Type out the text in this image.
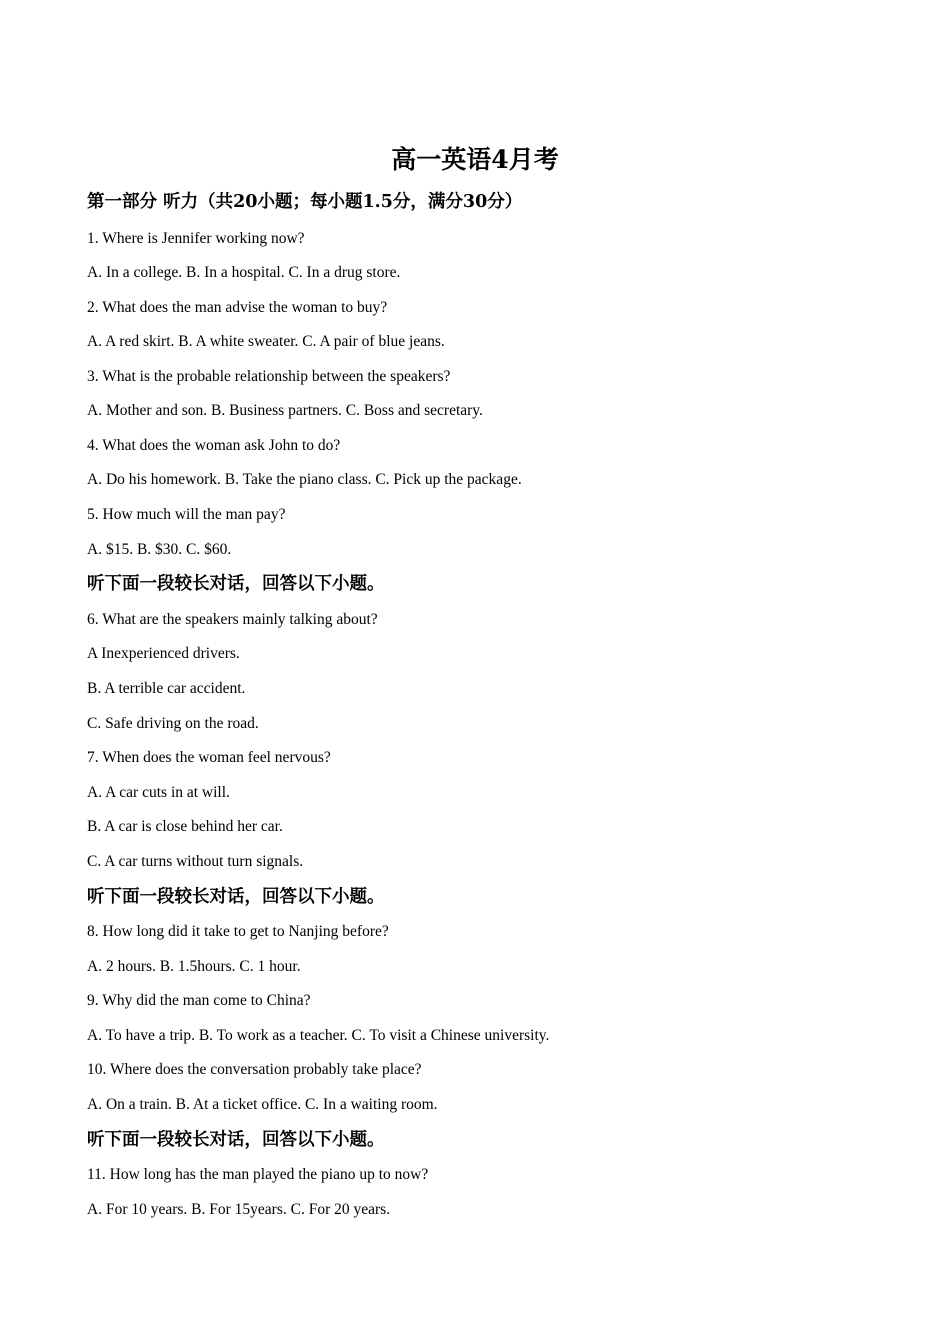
高一英语4月考
第一部分 听力（共20小题；每小题1.5分，满分30分）
1. Where is Jennifer working now?
A. In a college. B. In a hospital. C. In a drug store.
2. What does the man advise the woman to buy?
A. A red skirt. B. A white sweater. C. A pair of blue jeans.
3. What is the probable relationship between the speakers?
A. Mother and son. B. Business partners. C. Boss and secretary.
4. What does the woman ask John to do?
A. Do his homework. B. Take the piano class. C. Pick up the package.
5. How much will the man pay?
A. $15. B. $30. C. $60.
听下面一段较长对话，回答以下小题。
6. What are the speakers mainly talking about?
A Inexperienced drivers.
B. A terrible car accident.
C. Safe driving on the road.
7. When does the woman feel nervous?
A. A car cuts in at will.
B. A car is close behind her car.
C. A car turns without turn signals.
听下面一段较长对话，回答以下小题。
8. How long did it take to get to Nanjing before?
A. 2 hours. B. 1.5hours. C. 1 hour.
9. Why did the man come to China?
A. To have a trip. B. To work as a teacher. C. To visit a Chinese university.
10. Where does the conversation probably take place?
A. On a train. B. At a ticket office. C. In a waiting room.
听下面一段较长对话，回答以下小题。
11. How long has the man played the piano up to now?
A. For 10 years. B. For 15years. C. For 20 years.
